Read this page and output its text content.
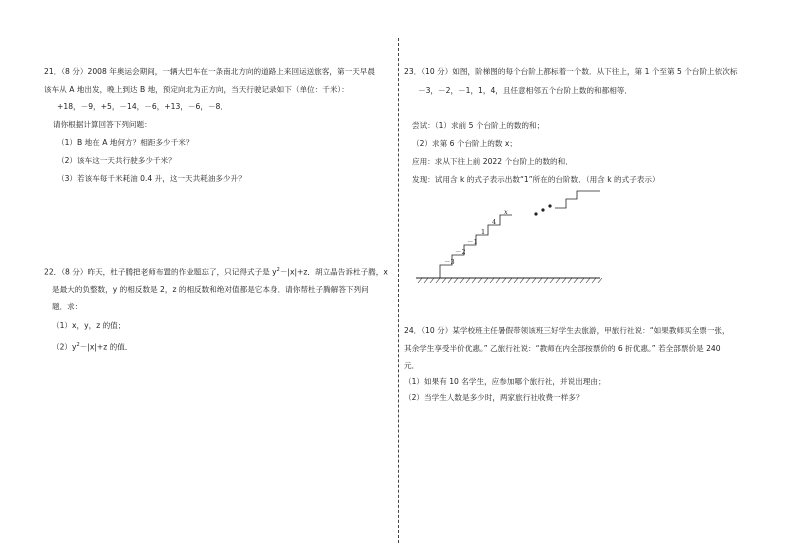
21．（8 分）2008 年奥运会期间，一辆大巴车在一条南北方向的道路上来回运送旅客，第一天早晨
该车从 A 地出发，晚上到达 B 地，预定向北为正方向，当天行驶记录如下（单位：千米）：
+18，－9，+5，－14，－6，+13，－6，－8．
请你根据计算回答下列问题：
（1）B 地在 A 地何方？相距多少千米？
（2）该车这一天共行驶多少千米？
（3）若该车每千米耗油 0.4 升，这一天共耗油多少升？
22．（8 分）昨天，杜子腾把老师布置的作业题忘了，只记得式子是 $y^2-|x|+z$．胡立晶告诉杜子腾，x
是最大的负整数，y 的相反数是 2，z 的相反数和绝对值都是它本身．请你帮杜子腾解答下列问
题．求：
（1）x，y，z 的值；
$(2)y^2-|x|+z$ 的值．
23．（10 分）如图，阶梯图的每个台阶上都标着一个数．从下往上，第 1 个至第 5 个台阶上依次标
－3，－2，－1，1，4，且任意相邻五个台阶上数的和都相等．
尝试：（1）求前 5 个台阶上的数的和；
（2）求第 6 个台阶上的数 x；
应用：求从下往上前 2022 个台阶上的数的和．
发现：试用含 k 的式子表示出数“1”所在的台阶数．（用含 k 的式子表示）
－3
－2
－1
1
4
x
24．（10 分）某学校班主任暑假带领该班三好学生去旅游，甲旅行社说：“如果教师买全票一张，
其余学生享受半价优惠。” 乙旅行社说：“教师在内全部按票价的 6 折优惠。” 若全部票价是 240
元．
（1）如果有 10 名学生，应参加哪个旅行社，并说出理由；
（2）当学生人数是多少时，两家旅行社收费一样多？
